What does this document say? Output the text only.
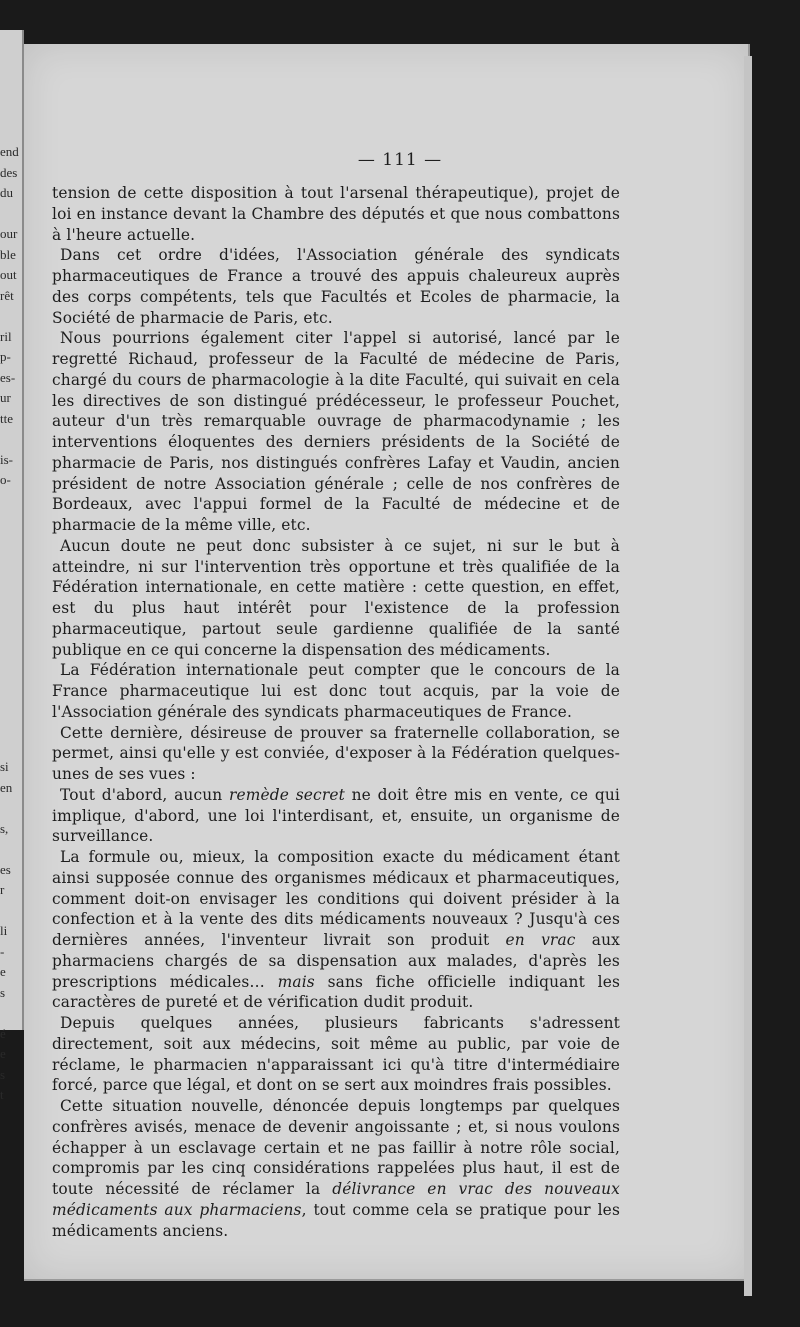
end
des
du
our
ble
out
rêt
ril
p-
es-
ur
tte
is-
o-
si
en
s,
es
r
li
-
e
s
é
e
s
t
— 111 —

tension de cette disposition à tout l'arsenal thérapeutique), projet de loi en instance devant la Chambre des députés et que nous combattons à l'heure actuelle.

Dans cet ordre d'idées, l'Association générale des syndicats pharmaceutiques de France a trouvé des appuis chaleureux auprès des corps compétents, tels que Facultés et Ecoles de pharmacie, la Société de pharmacie de Paris, etc.

Nous pourrions également citer l'appel si autorisé, lancé par le regretté Richaud, professeur de la Faculté de médecine de Paris, chargé du cours de pharmacologie à la dite Faculté, qui suivait en cela les directives de son distingué prédécesseur, le professeur Pouchet, auteur d'un très remarquable ouvrage de pharmacodynamie ; les interventions éloquentes des derniers présidents de la Société de pharmacie de Paris, nos distingués confrères Lafay et Vaudin, ancien président de notre Association générale ; celle de nos confrères de Bordeaux, avec l'appui formel de la Faculté de médecine et de pharmacie de la même ville, etc.

Aucun doute ne peut donc subsister à ce sujet, ni sur le but à atteindre, ni sur l'intervention très opportune et très qualifiée de la Fédération internationale, en cette matière : cette question, en effet, est du plus haut intérêt pour l'existence de la profession pharmaceutique, partout seule gardienne qualifiée de la santé publique en ce qui concerne la dispensation des médicaments.

La Fédération internationale peut compter que le concours de la France pharmaceutique lui est donc tout acquis, par la voie de l'Association générale des syndicats pharmaceutiques de France.

Cette dernière, désireuse de prouver sa fraternelle collaboration, se permet, ainsi qu'elle y est conviée, d'exposer à la Fédération quelques-unes de ses vues :

Tout d'abord, aucun remède secret ne doit être mis en vente, ce qui implique, d'abord, une loi l'interdisant, et, ensuite, un organisme de surveillance.

La formule ou, mieux, la composition exacte du médicament étant ainsi supposée connue des organismes médicaux et pharmaceutiques, comment doit-on envisager les conditions qui doivent présider à la confection et à la vente des dits médicaments nouveaux ? Jusqu'à ces dernières années, l'inventeur livrait son produit en vrac aux pharmaciens chargés de sa dispensation aux malades, d'après les prescriptions médicales… mais sans fiche officielle indiquant les caractères de pureté et de vérification dudit produit.

Depuis quelques années, plusieurs fabricants s'adressent directement, soit aux médecins, soit même au public, par voie de réclame, le pharmacien n'apparaissant ici qu'à titre d'intermédiaire forcé, parce que légal, et dont on se sert aux moindres frais possibles.

Cette situation nouvelle, dénoncée depuis longtemps par quelques confrères avisés, menace de devenir angoissante ; et, si nous voulons échapper à un esclavage certain et ne pas faillir à notre rôle social, compromis par les cinq considérations rappelées plus haut, il est de toute nécessité de réclamer la délivrance en vrac des nouveaux médicaments aux pharmaciens, tout comme cela se pratique pour les médicaments anciens.
